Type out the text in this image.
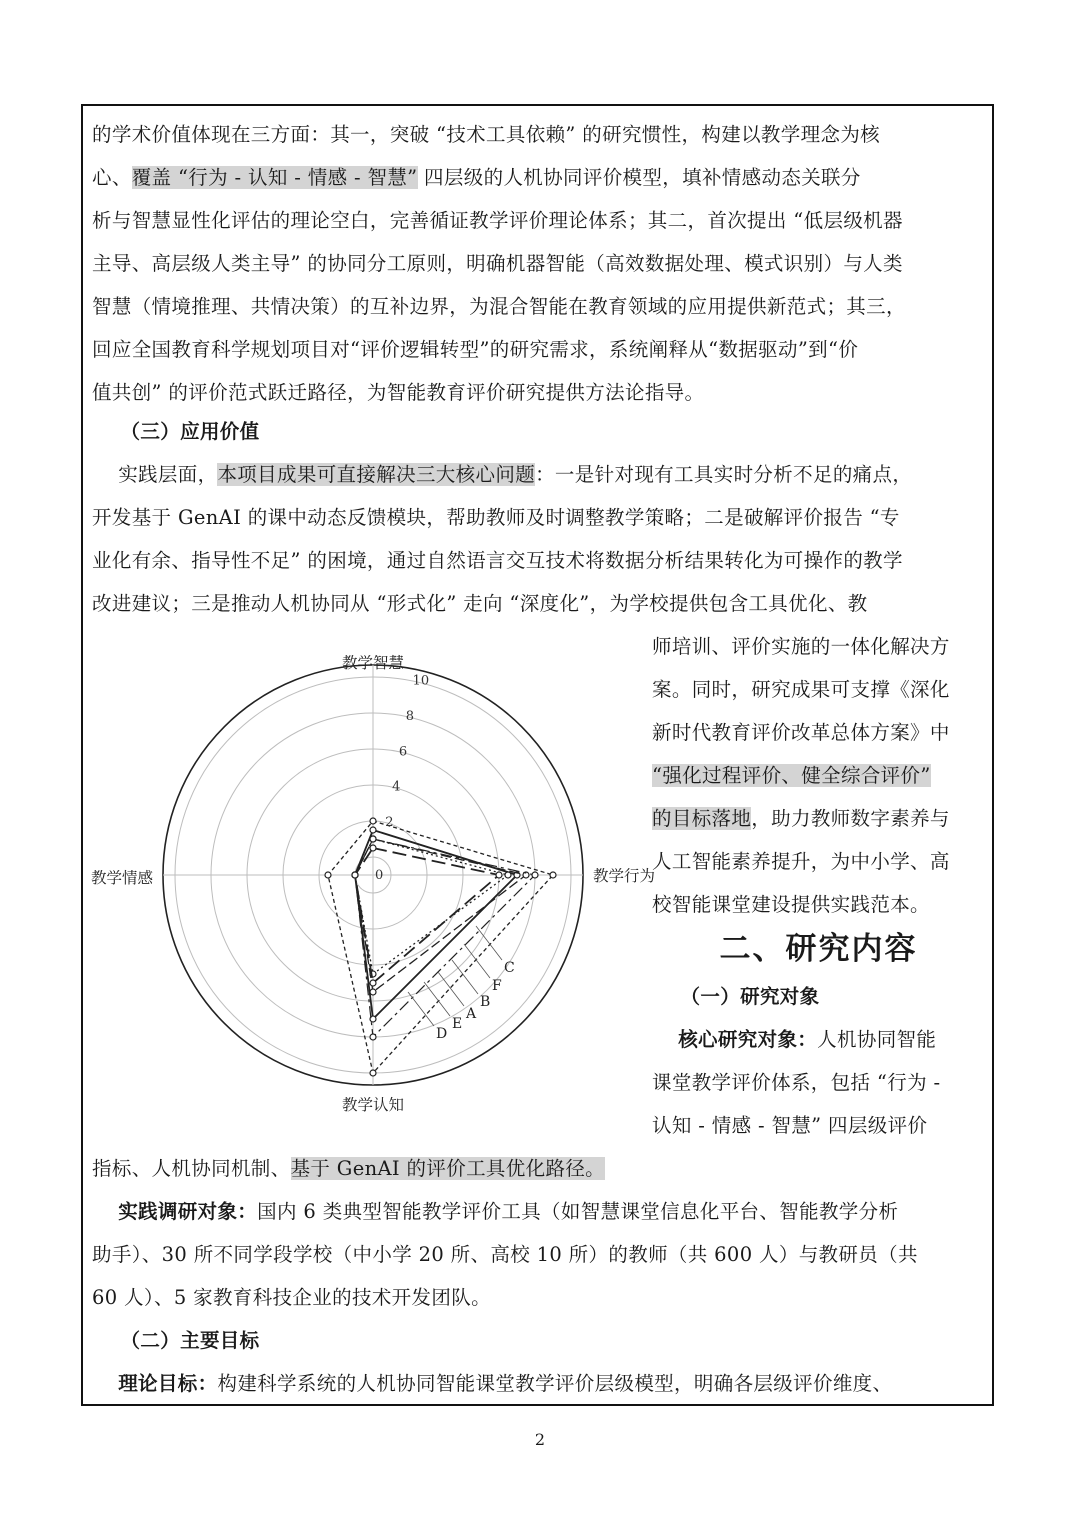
的学术价值体现在三方面：其一，突破 “技术工具依赖” 的研究惯性，构建以教学理念为核
心、覆盖 “行为 - 认知 - 情感 - 智慧” 四层级的人机协同评价模型，填补情感动态关联分
析与智慧显性化评估的理论空白，完善循证教学评价理论体系；其二，首次提出 “低层级机器
主导、高层级人类主导” 的协同分工原则，明确机器智能（高效数据处理、模式识别）与人类
智慧（情境推理、共情决策）的互补边界，为混合智能在教育领域的应用提供新范式；其三，
回应全国教育科学规划项目对“评价逻辑转型”的研究需求，系统阐释从“数据驱动”到“价
值共创” 的评价范式跃迁路径，为智能教育评价研究提供方法论指导。
（三）应用价值
实践层面，本项目成果可直接解决三大核心问题：一是针对现有工具实时分析不足的痛点，
开发基于 GenAI 的课中动态反馈模块，帮助教师及时调整教学策略；二是破解评价报告 “专
业化有余、指导性不足” 的困境，通过自然语言交互技术将数据分析结果转化为可操作的教学
改进建议；三是推动人机协同从 “形式化” 走向 “深度化”，为学校提供包含工具优化、教
师培训、评价实施的一体化解决方
案。同时，研究成果可支撑《深化
新时代教育评价改革总体方案》中
“强化过程评价、健全综合评价”
的目标落地，助力教师数字素养与
人工智能素养提升，为中小学、高
校智能课堂建设提供实践范本。
（一）研究对象
核心研究对象：人机协同智能
课堂教学评价体系，包括 “行为 -
认知 - 情感 - 智慧” 四层级评价
指标、人机协同机制、基于 GenAI 的评价工具优化路径。
实践调研对象：国内 6 类典型智能教学评价工具（如智慧课堂信息化平台、智能教学分析
助手）、30 所不同学段学校（中小学 20 所、高校 10 所）的教师（共 600 人）与教研员（共
60 人）、5 家教育科技企业的技术开发团队。
（二）主要目标
理论目标：构建科学系统的人机协同智能课堂教学评价层级模型，明确各层级评价维度、
二、研究内容
2
4
6
8
10
0
教学智慧
教学行为
教学认知
教学情感
C
F
B
A
E
D
2
